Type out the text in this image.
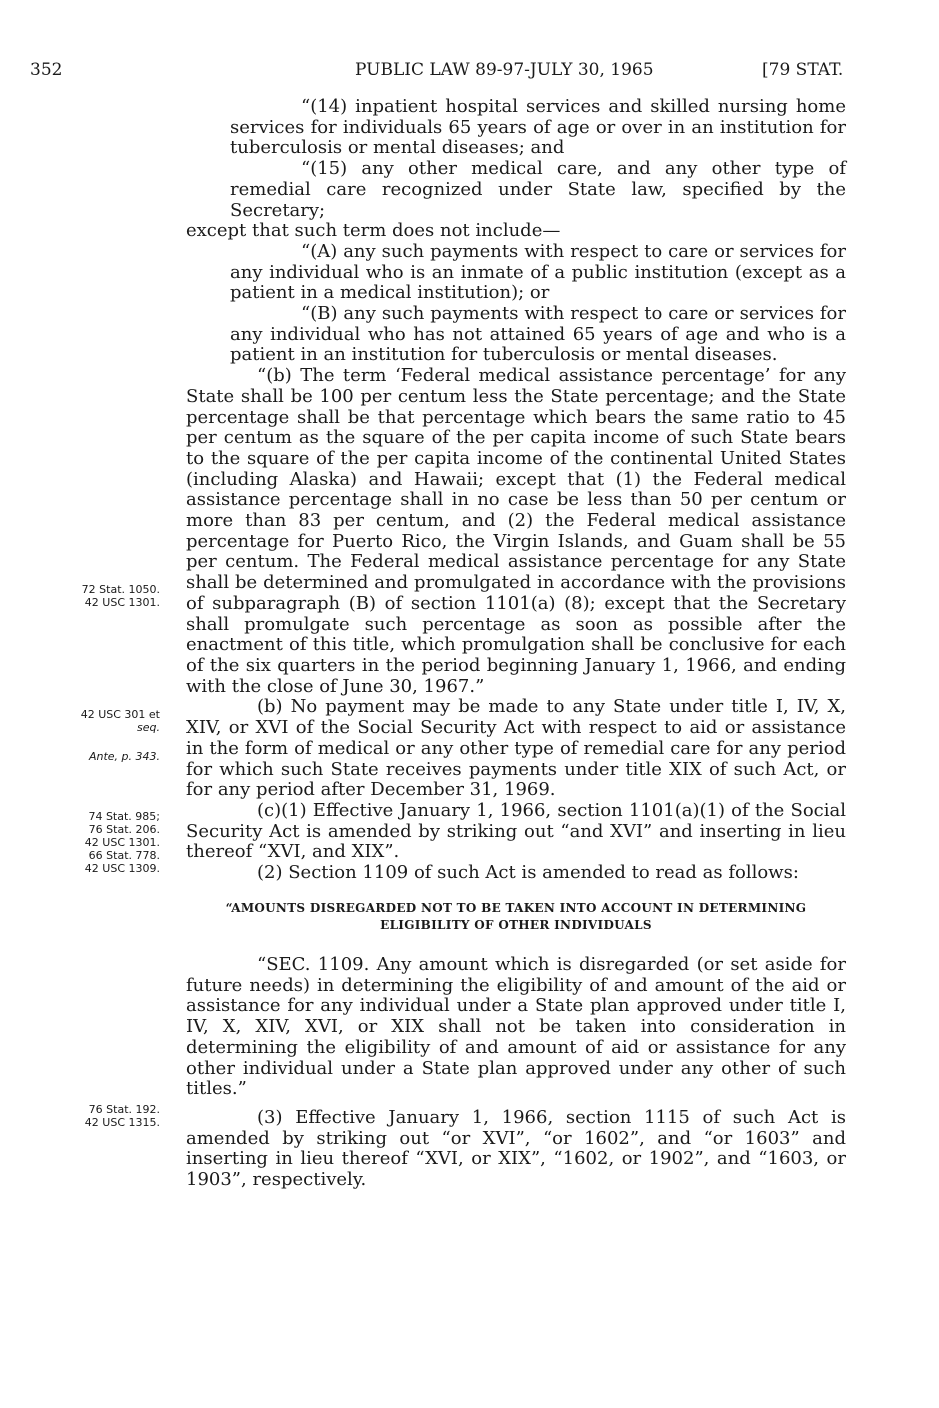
352	PUBLIC LAW 89-97-JULY 30, 1965	[79 STAT.

“(14) inpatient hospital services and skilled nursing home services for individuals 65 years of age or over in an institution for tuberculosis or mental diseases; and

“(15) any other medical care, and any other type of remedial care recognized under State law, specified by the Secretary;

except that such term does not include—

“(A) any such payments with respect to care or services for any individual who is an inmate of a public institution (except as a patient in a medical institution); or

“(B) any such payments with respect to care or services for any individual who has not attained 65 years of age and who is a patient in an institution for tuberculosis or mental diseases.

“(b) The term ‘Federal medical assistance percentage’ for any State shall be 100 per centum less the State percentage; and the State percentage shall be that percentage which bears the same ratio to 45 per centum as the square of the per capita income of such State bears to the square of the per capita income of the continental United States (including Alaska) and Hawaii; except that (1) the Federal medical assistance percentage shall in no case be less than 50 per centum or more than 83 per centum, and (2) the Federal medical assistance percentage for Puerto Rico, the Virgin Islands, and Guam shall be 55 per centum. The Federal medical assistance percentage for any State shall be determined and promulgated in accordance with the provisions of subparagraph (B) of section 1101(a) (8); except that the Secretary shall promulgate such percentage as soon as possible after the enactment of this title, which promulgation shall be conclusive for each of the six quarters in the period beginning January 1, 1966, and ending with the close of June 30, 1967.”

(b) No payment may be made to any State under title I, IV, X, XIV, or XVI of the Social Security Act with respect to aid or assistance in the form of medical or any other type of remedial care for any period for which such State receives payments under title XIX of such Act, or for any period after December 31, 1969.

(c)(1) Effective January 1, 1966, section 1101(a)(1) of the Social Security Act is amended by striking out “and XVI” and inserting in lieu thereof “XVI, and XIX”.

(2) Section 1109 of such Act is amended to read as follows:

“AMOUNTS DISREGARDED NOT TO BE TAKEN INTO ACCOUNT IN DETERMINING
ELIGIBILITY OF OTHER INDIVIDUALS

“SEC. 1109. Any amount which is disregarded (or set aside for future needs) in determining the eligibility of and amount of the aid or assistance for any individual under a State plan approved under title I, IV, X, XIV, XVI, or XIX shall not be taken into consideration in determining the eligibility of and amount of aid or assistance for any other individual under a State plan approved under any other of such titles.”

(3) Effective January 1, 1966, section 1115 of such Act is amended by striking out “or XVI”, “or 1602”, and “or 1603” and inserting in lieu thereof “XVI, or XIX”, “1602, or 1902”, and “1603, or 1903”, respectively.

72 Stat. 1050.
42 USC 1301.
42 USC 301 et
seq.
Ante, p. 343.
74 Stat. 985;
76 Stat. 206.
42 USC 1301.
66 Stat. 778.
42 USC 1309.
76 Stat. 192.
42 USC 1315.
